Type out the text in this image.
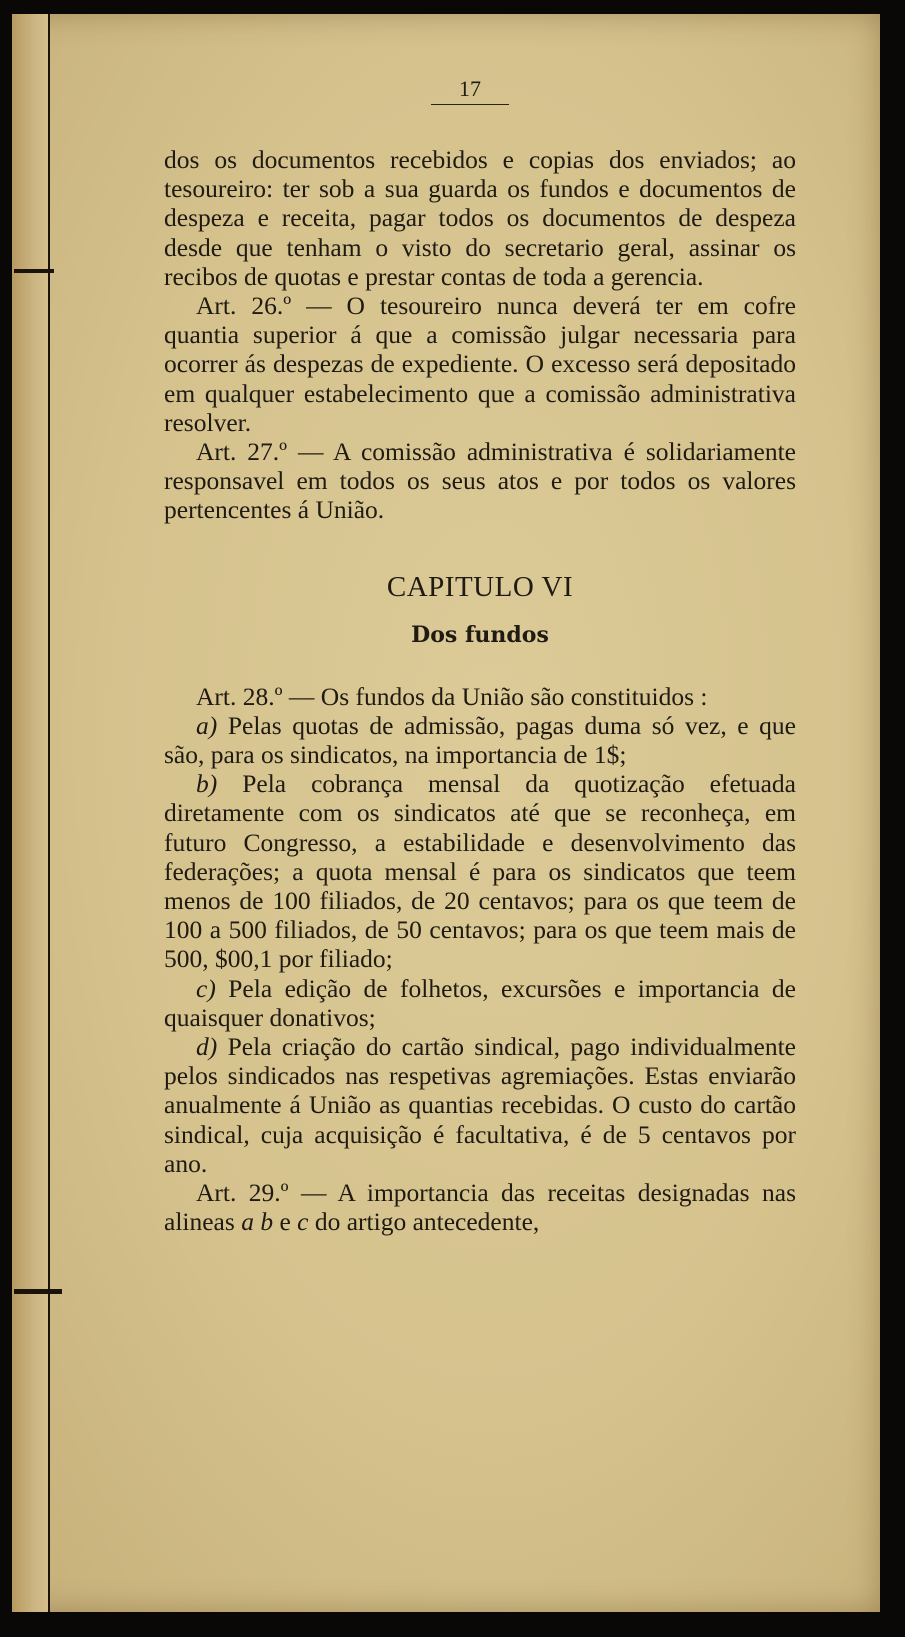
17

dos os documentos recebidos e copias dos enviados; ao tesoureiro: ter sob a sua guarda os fundos e documentos de despeza e receita, pagar todos os documentos de despeza desde que tenham o visto do secretario geral, assinar os recibos de quotas e prestar contas de toda a gerencia.

Art. 26.º — O tesoureiro nunca deverá ter em cofre quantia superior á que a comissão julgar necessaria para ocorrer ás despezas de expediente. O excesso será depositado em qualquer estabelecimento que a comissão administrativa resolver.

Art. 27.º — A comissão administrativa é solidariamente responsavel em todos os seus atos e por todos os valores pertencentes á União.

CAPITULO VI
Dos fundos

Art. 28.º — Os fundos da União são constituidos :

a) Pelas quotas de admissão, pagas duma só vez, e que são, para os sindicatos, na importancia de 1$;

b) Pela cobrança mensal da quotização efetuada diretamente com os sindicatos até que se reconheça, em futuro Congresso, a estabilidade e desenvolvimento das federações; a quota mensal é para os sindicatos que teem menos de 100 filiados, de 20 centavos; para os que teem de 100 a 500 filiados, de 50 centavos; para os que teem mais de 500, $00,1 por filiado;

c) Pela edição de folhetos, excursões e importancia de quaisquer donativos;

d) Pela criação do cartão sindical, pago individualmente pelos sindicados nas respetivas agremiações. Estas enviarão anualmente á União as quantias recebidas. O custo do cartão sindical, cuja acquisição é facultativa, é de 5 centavos por ano.

Art. 29.º — A importancia das receitas designadas nas alineas a b e c do artigo antecedente,
